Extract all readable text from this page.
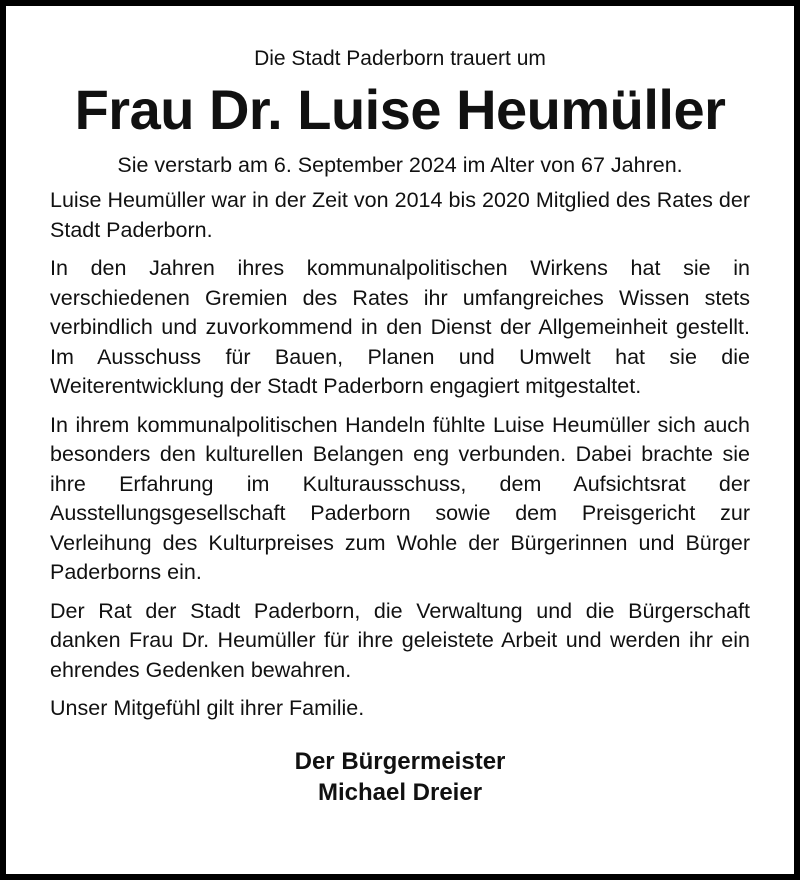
Die Stadt Paderborn trauert um

Frau Dr. Luise Heumüller

Sie verstarb am 6. September 2024 im Alter von 67 Jahren.

Luise Heumüller war in der Zeit von 2014 bis 2020 Mitglied des Rates der Stadt Paderborn.

In den Jahren ihres kommunalpolitischen Wirkens hat sie in verschiedenen Gremien des Rates ihr umfangreiches Wissen stets verbindlich und zuvorkommend in den Dienst der Allgemeinheit gestellt. Im Ausschuss für Bauen, Planen und Umwelt hat sie die Weiterentwicklung der Stadt Paderborn engagiert mitgestaltet.

In ihrem kommunalpolitischen Handeln fühlte Luise Heumüller sich auch besonders den kulturellen Belangen eng verbunden. Dabei brachte sie ihre Erfahrung im Kulturausschuss, dem Aufsichtsrat der Ausstellungsgesellschaft Paderborn sowie dem Preisgericht zur Verleihung des Kulturpreises zum Wohle der Bürgerinnen und Bürger Paderborns ein.

Der Rat der Stadt Paderborn, die Verwaltung und die Bürgerschaft danken Frau Dr. Heumüller für ihre geleistete Arbeit und werden ihr ein ehrendes Gedenken bewahren.

Unser Mitgefühl gilt ihrer Familie.

Der Bürgermeister

Michael Dreier
